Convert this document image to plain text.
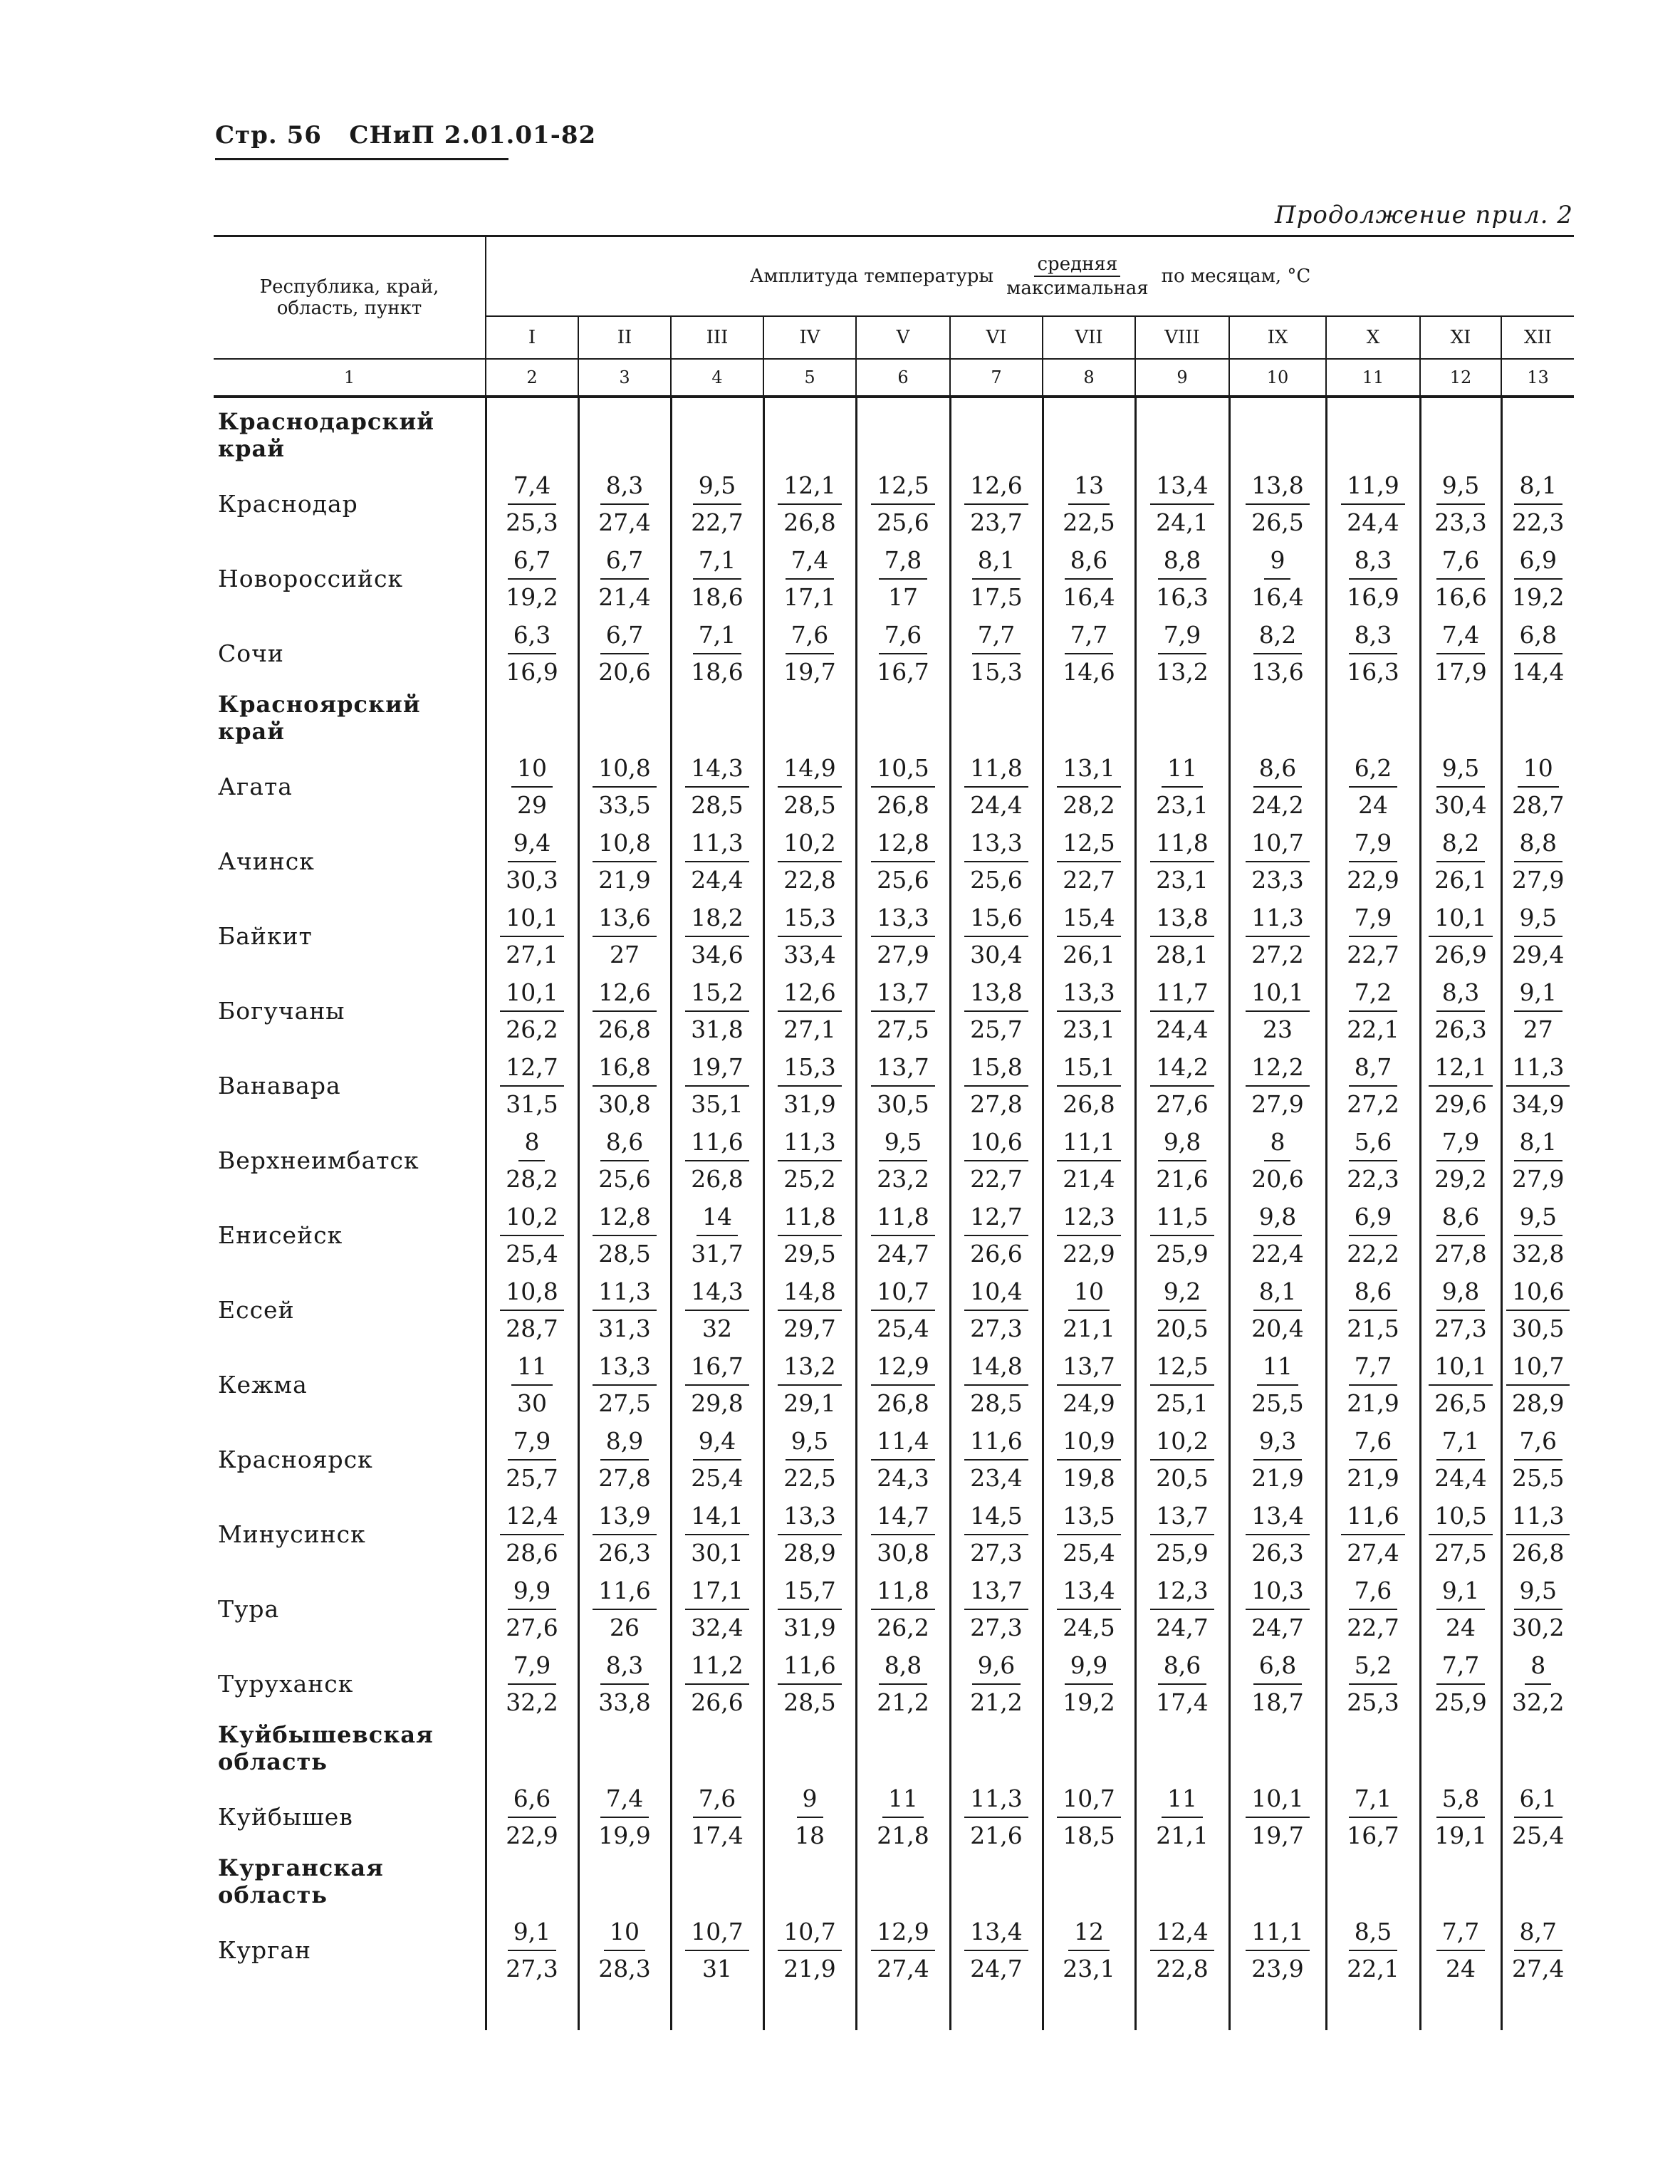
Стр. 56 СНиП 2.01.01-82
Продолжение прил. 2
Республика, край, область, пункт	Амплитуда температуры $\frac{\text{средняя}}{\text{максимальная}}$ по месяцам, °С											

	I	II	III	IV	V	VI	VII	VIII	IX	X	XI	XII
1	2	3	4	5	6	7	8	9	10	11	12	13

Краснодарский край												
Краснодар	$\frac{7,4}{25,3}$	$\frac{8,3}{27,4}$	$\frac{9,5}{22,7}$	$\frac{12,1}{26,8}$	$\frac{12,5}{25,6}$	$\frac{12,6}{23,7}$	$\frac{13}{22,5}$	$\frac{13,4}{24,1}$	$\frac{13,8}{26,5}$	$\frac{11,9}{24,4}$	$\frac{9,5}{23,3}$	$\frac{8,1}{22,3}$

Новороссийск	$\frac{6,7}{19,2}$	$\frac{6,7}{21,4}$	$\frac{7,1}{18,6}$	$\frac{7,4}{17,1}$	$\frac{7,8}{17}$	$\frac{8,1}{17,5}$	$\frac{8,6}{16,4}$	$\frac{8,8}{16,3}$	$\frac{9}{16,4}$	$\frac{8,3}{16,9}$	$\frac{7,6}{16,6}$	$\frac{6,9}{19,2}$

Сочи	$\frac{6,3}{16,9}$	$\frac{6,7}{20,6}$	$\frac{7,1}{18,6}$	$\frac{7,6}{19,7}$	$\frac{7,6}{16,7}$	$\frac{7,7}{15,3}$	$\frac{7,7}{14,6}$	$\frac{7,9}{13,2}$	$\frac{8,2}{13,6}$	$\frac{8,3}{16,3}$	$\frac{7,4}{17,9}$	$\frac{6,8}{14,4}$

Красноярский край												
Агата	$\frac{10}{29}$	$\frac{10,8}{33,5}$	$\frac{14,3}{28,5}$	$\frac{14,9}{28,5}$	$\frac{10,5}{26,8}$	$\frac{11,8}{24,4}$	$\frac{13,1}{28,2}$	$\frac{11}{23,1}$	$\frac{8,6}{24,2}$	$\frac{6,2}{24}$	$\frac{9,5}{30,4}$	$\frac{10}{28,7}$

Ачинск	$\frac{9,4}{30,3}$	$\frac{10,8}{21,9}$	$\frac{11,3}{24,4}$	$\frac{10,2}{22,8}$	$\frac{12,8}{25,6}$	$\frac{13,3}{25,6}$	$\frac{12,5}{22,7}$	$\frac{11,8}{23,1}$	$\frac{10,7}{23,3}$	$\frac{7,9}{22,9}$	$\frac{8,2}{26,1}$	$\frac{8,8}{27,9}$

Байкит	$\frac{10,1}{27,1}$	$\frac{13,6}{27}$	$\frac{18,2}{34,6}$	$\frac{15,3}{33,4}$	$\frac{13,3}{27,9}$	$\frac{15,6}{30,4}$	$\frac{15,4}{26,1}$	$\frac{13,8}{28,1}$	$\frac{11,3}{27,2}$	$\frac{7,9}{22,7}$	$\frac{10,1}{26,9}$	$\frac{9,5}{29,4}$

Богучаны	$\frac{10,1}{26,2}$	$\frac{12,6}{26,8}$	$\frac{15,2}{31,8}$	$\frac{12,6}{27,1}$	$\frac{13,7}{27,5}$	$\frac{13,8}{25,7}$	$\frac{13,3}{23,1}$	$\frac{11,7}{24,4}$	$\frac{10,1}{23}$	$\frac{7,2}{22,1}$	$\frac{8,3}{26,3}$	$\frac{9,1}{27}$

Ванавара	$\frac{12,7}{31,5}$	$\frac{16,8}{30,8}$	$\frac{19,7}{35,1}$	$\frac{15,3}{31,9}$	$\frac{13,7}{30,5}$	$\frac{15,8}{27,8}$	$\frac{15,1}{26,8}$	$\frac{14,2}{27,6}$	$\frac{12,2}{27,9}$	$\frac{8,7}{27,2}$	$\frac{12,1}{29,6}$	$\frac{11,3}{34,9}$

Верхнеимбатск	$\frac{8}{28,2}$	$\frac{8,6}{25,6}$	$\frac{11,6}{26,8}$	$\frac{11,3}{25,2}$	$\frac{9,5}{23,2}$	$\frac{10,6}{22,7}$	$\frac{11,1}{21,4}$	$\frac{9,8}{21,6}$	$\frac{8}{20,6}$	$\frac{5,6}{22,3}$	$\frac{7,9}{29,2}$	$\frac{8,1}{27,9}$

Енисейск	$\frac{10,2}{25,4}$	$\frac{12,8}{28,5}$	$\frac{14}{31,7}$	$\frac{11,8}{29,5}$	$\frac{11,8}{24,7}$	$\frac{12,7}{26,6}$	$\frac{12,3}{22,9}$	$\frac{11,5}{25,9}$	$\frac{9,8}{22,4}$	$\frac{6,9}{22,2}$	$\frac{8,6}{27,8}$	$\frac{9,5}{32,8}$

Ессей	$\frac{10,8}{28,7}$	$\frac{11,3}{31,3}$	$\frac{14,3}{32}$	$\frac{14,8}{29,7}$	$\frac{10,7}{25,4}$	$\frac{10,4}{27,3}$	$\frac{10}{21,1}$	$\frac{9,2}{20,5}$	$\frac{8,1}{20,4}$	$\frac{8,6}{21,5}$	$\frac{9,8}{27,3}$	$\frac{10,6}{30,5}$

Кежма	$\frac{11}{30}$	$\frac{13,3}{27,5}$	$\frac{16,7}{29,8}$	$\frac{13,2}{29,1}$	$\frac{12,9}{26,8}$	$\frac{14,8}{28,5}$	$\frac{13,7}{24,9}$	$\frac{12,5}{25,1}$	$\frac{11}{25,5}$	$\frac{7,7}{21,9}$	$\frac{10,1}{26,5}$	$\frac{10,7}{28,9}$

Красноярск	$\frac{7,9}{25,7}$	$\frac{8,9}{27,8}$	$\frac{9,4}{25,4}$	$\frac{9,5}{22,5}$	$\frac{11,4}{24,3}$	$\frac{11,6}{23,4}$	$\frac{10,9}{19,8}$	$\frac{10,2}{20,5}$	$\frac{9,3}{21,9}$	$\frac{7,6}{21,9}$	$\frac{7,1}{24,4}$	$\frac{7,6}{25,5}$

Минусинск	$\frac{12,4}{28,6}$	$\frac{13,9}{26,3}$	$\frac{14,1}{30,1}$	$\frac{13,3}{28,9}$	$\frac{14,7}{30,8}$	$\frac{14,5}{27,3}$	$\frac{13,5}{25,4}$	$\frac{13,7}{25,9}$	$\frac{13,4}{26,3}$	$\frac{11,6}{27,4}$	$\frac{10,5}{27,5}$	$\frac{11,3}{26,8}$

Тура	$\frac{9,9}{27,6}$	$\frac{11,6}{26}$	$\frac{17,1}{32,4}$	$\frac{15,7}{31,9}$	$\frac{11,8}{26,2}$	$\frac{13,7}{27,3}$	$\frac{13,4}{24,5}$	$\frac{12,3}{24,7}$	$\frac{10,3}{24,7}$	$\frac{7,6}{22,7}$	$\frac{9,1}{24}$	$\frac{9,5}{30,2}$

Туруханск	$\frac{7,9}{32,2}$	$\frac{8,3}{33,8}$	$\frac{11,2}{26,6}$	$\frac{11,6}{28,5}$	$\frac{8,8}{21,2}$	$\frac{9,6}{21,2}$	$\frac{9,9}{19,2}$	$\frac{8,6}{17,4}$	$\frac{6,8}{18,7}$	$\frac{5,2}{25,3}$	$\frac{7,7}{25,9}$	$\frac{8}{32,2}$

Куйбышевская область												
Куйбышев	$\frac{6,6}{22,9}$	$\frac{7,4}{19,9}$	$\frac{7,6}{17,4}$	$\frac{9}{18}$	$\frac{11}{21,8}$	$\frac{11,3}{21,6}$	$\frac{10,7}{18,5}$	$\frac{11}{21,1}$	$\frac{10,1}{19,7}$	$\frac{7,1}{16,7}$	$\frac{5,8}{19,1}$	$\frac{6,1}{25,4}$

Курганская область												
Курган	$\frac{9,1}{27,3}$	$\frac{10}{28,3}$	$\frac{10,7}{31}$	$\frac{10,7}{21,9}$	$\frac{12,9}{27,4}$	$\frac{13,4}{24,7}$	$\frac{12}{23,1}$	$\frac{12,4}{22,8}$	$\frac{11,1}{23,9}$	$\frac{8,5}{22,1}$	$\frac{7,7}{24}$	$\frac{8,7}{27,4}$
